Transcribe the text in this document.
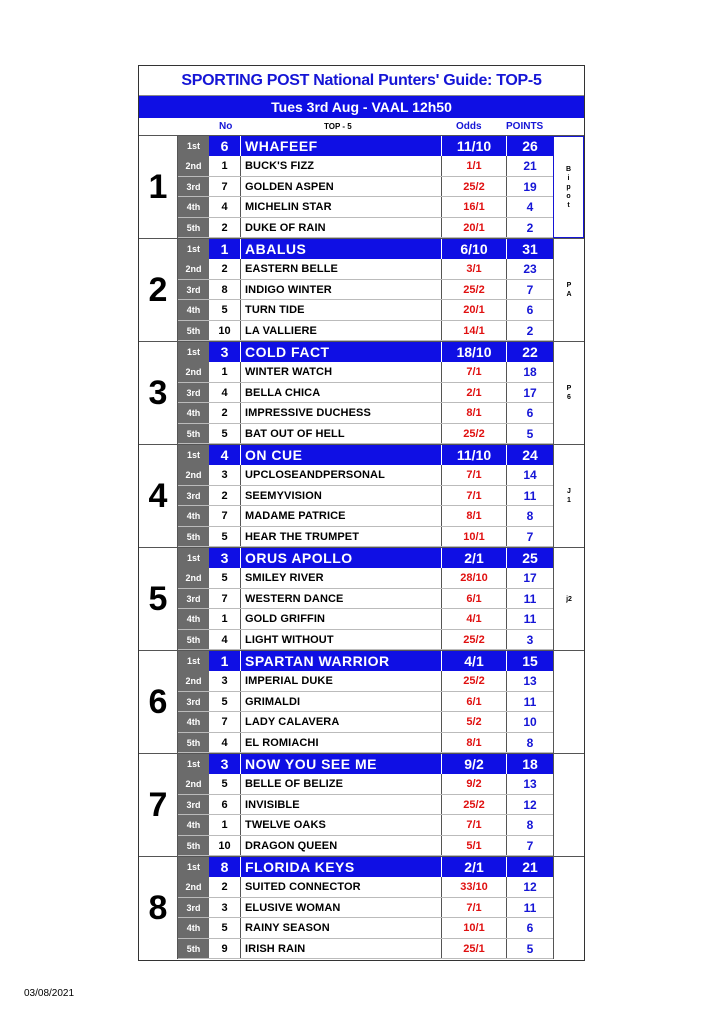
SPORTING POST National Punters' Guide: TOP-5
Tues 3rd Aug - VAAL 12h50
No	TOP - 5	Odds POINTS
1
1st	6	WHAFEEF	11/10	26
2nd	1	BUCK'S FIZZ	1/1	21
3rd	7	GOLDEN ASPEN	25/2	19
4th	4	MICHELIN STAR	16/1	4
5th	2	DUKE OF RAIN	20/1	2
Bipot
2
1st	1	ABALUS	6/10	31
2nd	2	EASTERN BELLE	3/1	23
3rd	8	INDIGO WINTER	25/2	7
4th	5	TURN TIDE	20/1	6
5th	10	LA VALLIERE	14/1	2
PA
3
1st	3	COLD FACT	18/10	22
2nd	1	WINTER WATCH	7/1	18
3rd	4	BELLA CHICA	2/1	17
4th	2	IMPRESSIVE DUCHESS	8/1	6
5th	5	BAT OUT OF HELL	25/2	5
P6
4
1st	4	ON CUE	11/10	24
2nd	3	UPCLOSEANDPERSONAL	7/1	14
3rd	2	SEEMYVISION	7/1	11
4th	7	MADAME PATRICE	8/1	8
5th	5	HEAR THE TRUMPET	10/1	7
J1
5
1st	3	ORUS APOLLO	2/1	25
2nd	5	SMILEY RIVER	28/10	17
3rd	7	WESTERN DANCE	6/1	11
4th	1	GOLD GRIFFIN	4/1	11
5th	4	LIGHT WITHOUT	25/2	3
j2
6
1st	1	SPARTAN WARRIOR	4/1	15
2nd	3	IMPERIAL DUKE	25/2	13
3rd	5	GRIMALDI	6/1	11
4th	7	LADY CALAVERA	5/2	10
5th	4	EL ROMIACHI	8/1	8
7
1st	3	NOW YOU SEE ME	9/2	18
2nd	5	BELLE OF BELIZE	9/2	13
3rd	6	INVISIBLE	25/2	12
4th	1	TWELVE OAKS	7/1	8
5th	10	DRAGON QUEEN	5/1	7
8
1st	8	FLORIDA KEYS	2/1	21
2nd	2	SUITED CONNECTOR	33/10	12
3rd	3	ELUSIVE WOMAN	7/1	11
4th	5	RAINY SEASON	10/1	6
5th	9	IRISH RAIN	25/1	5
03/08/2021
